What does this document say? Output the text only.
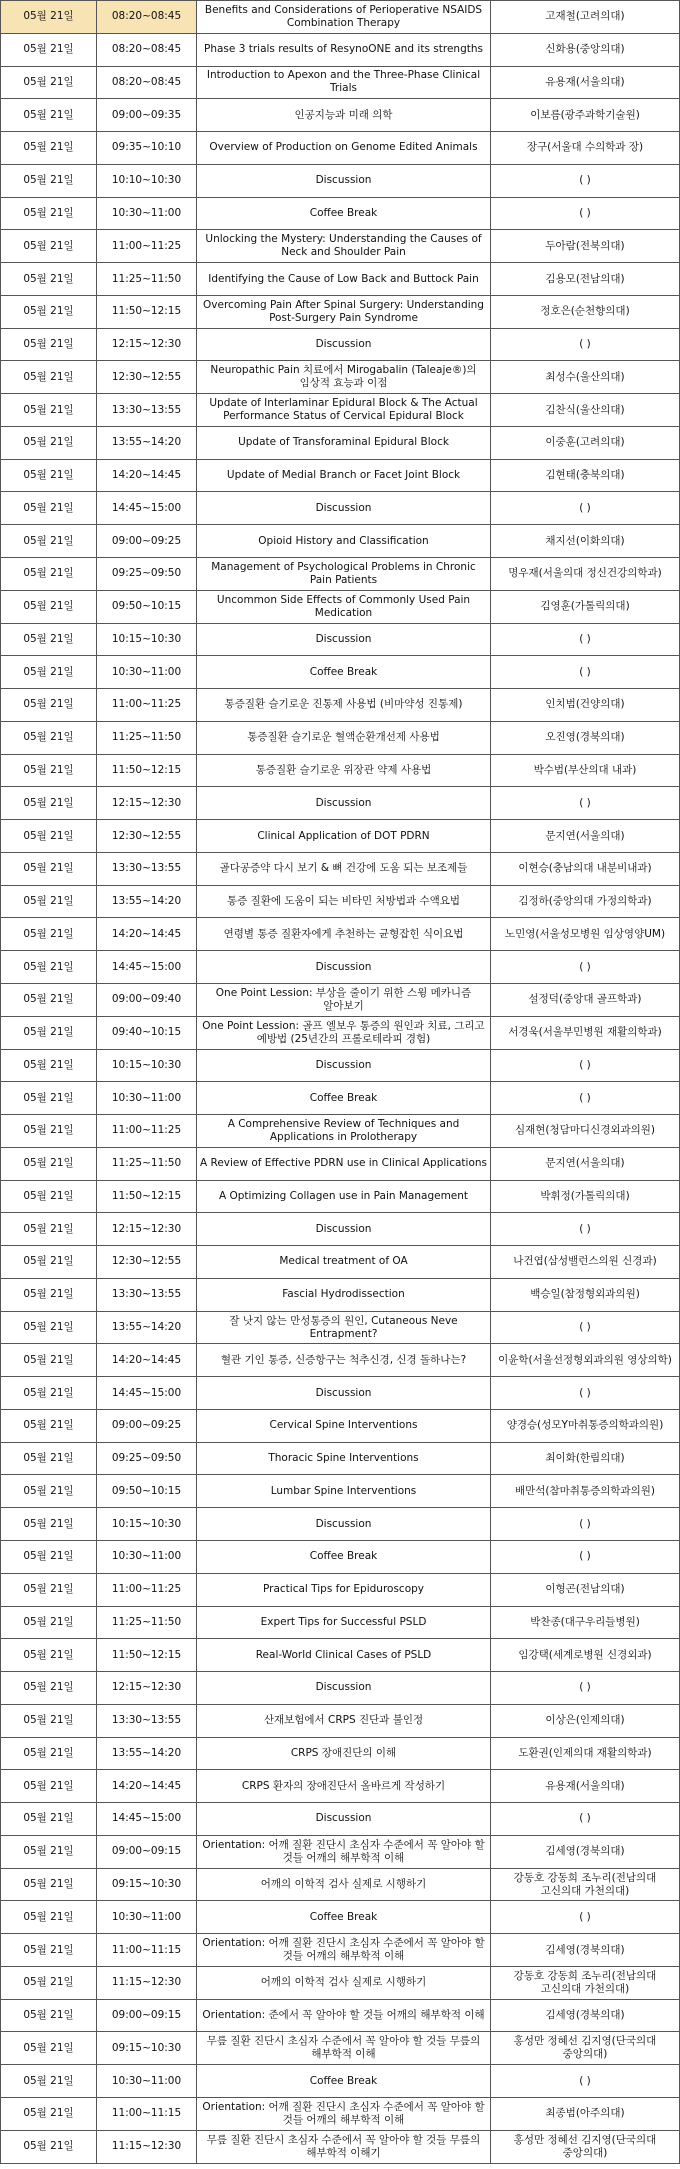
05월 21일	08:20~08:45	Benefits and Considerations of Perioperative NSAIDS Combination Therapy	고재철(고려의대)
05월 21일	08:20~08:45	Phase 3 trials results of ResynoONE and its strengths	신화용(중앙의대)
05월 21일	08:20~08:45	Introduction to Apexon and the Three-Phase Clinical Trials	유용재(서울의대)
05월 21일	09:00~09:35	인공지능과 미래 의학	이보름(광주과학기술원)
05월 21일	09:35~10:10	Overview of Production on Genome Edited Animals	장구(서울대 수의학과 장)
05월 21일	10:10~10:30	Discussion	( )
05월 21일	10:30~11:00	Coffee Break	( )
05월 21일	11:00~11:25	Unlocking the Mystery: Understanding the Causes of Neck and Shoulder Pain	두아람(전북의대)
05월 21일	11:25~11:50	Identifying the Cause of Low Back and Buttock Pain	김용모(전남의대)
05월 21일	11:50~12:15	Overcoming Pain After Spinal Surgery: Understanding Post-Surgery Pain Syndrome	정호은(순천향의대)
05월 21일	12:15~12:30	Discussion	( )
05월 21일	12:30~12:55	Neuropathic Pain 치료에서 Mirogabalin (Taleaje®)의 임상적 효능과 이점	최성수(울산의대)
05월 21일	13:30~13:55	Update of Interlaminar Epidural Block & The Actual Performance Status of Cervical Epidural Block	김찬식(울산의대)
05월 21일	13:55~14:20	Update of Transforaminal Epidural Block	이중훈(고려의대)
05월 21일	14:20~14:45	Update of Medial Branch or Facet Joint Block	김현태(충북의대)
05월 21일	14:45~15:00	Discussion	( )
05월 21일	09:00~09:25	Opioid History and Classification	채지선(이화의대)
05월 21일	09:25~09:50	Management of Psychological Problems in Chronic Pain Patients	명우재(서울의대 정신건강의학과)
05월 21일	09:50~10:15	Uncommon Side Effects of Commonly Used Pain Medication	김영훈(가톨릭의대)
05월 21일	10:15~10:30	Discussion	( )
05월 21일	10:30~11:00	Coffee Break	( )
05월 21일	11:00~11:25	통증질환 슬기로운 진통제 사용법 (비마약성 진통제)	인치범(건양의대)
05월 21일	11:25~11:50	통증질환 슬기로운 혈액순환개선제 사용법	오진영(경북의대)
05월 21일	11:50~12:15	통증질환 슬기로운 위장관 약제 사용법	박수범(부산의대 내과)
05월 21일	12:15~12:30	Discussion	( )
05월 21일	12:30~12:55	Clinical Application of DOT PDRN	문지연(서울의대)
05월 21일	13:30~13:55	골다공증약 다시 보기 & 뼈 건강에 도움 되는 보조제들	이현승(충남의대 내분비내과)
05월 21일	13:55~14:20	통증 질환에 도움이 되는 비타민 처방법과 수액요법	김정하(중앙의대 가정의학과)
05월 21일	14:20~14:45	연령별 통증 질환자에게 추천하는 균형잡힌 식이요법	노민영(서울성모병원 임상영양UM)
05월 21일	14:45~15:00	Discussion	( )
05월 21일	09:00~09:40	One Point Lession: 부상을 줄이기 위한 스윙 메카니즘 알아보기	설정덕(중앙대 골프학과)
05월 21일	09:40~10:15	One Point Lession: 골프 엘보우 통증의 원인과 치료, 그리고 예방법 (25년간의 프롤로테라피 경험)	서경욱(서울부민병원 재활의학과)
05월 21일	10:15~10:30	Discussion	( )
05월 21일	10:30~11:00	Coffee Break	( )
05월 21일	11:00~11:25	A Comprehensive Review of Techniques and Applications in Prolotherapy	심재현(청담마디신경외과의원)
05월 21일	11:25~11:50	A Review of Effective PDRN use in Clinical Applications	문지연(서울의대)
05월 21일	11:50~12:15	A Optimizing Collagen use in Pain Management	박휘정(가톨릭의대)
05월 21일	12:15~12:30	Discussion	( )
05월 21일	12:30~12:55	Medical treatment of OA	나건엽(삼성밸런스의원 신경과)
05월 21일	13:30~13:55	Fascial Hydrodissection	백승일(참정형외과의원)
05월 21일	13:55~14:20	잘 낫지 않는 만성통증의 원인, Cutaneous Neve Entrapment?	( )
05월 21일	14:20~14:45	혈관 기인 통증, 신증항구는 척추신경, 신경 돌하나는?	이윤학(서울선정형외과의원 영상의학)
05월 21일	14:45~15:00	Discussion	( )
05월 21일	09:00~09:25	Cervical Spine Interventions	양경승(성모Y마취통증의학과의원)
05월 21일	09:25~09:50	Thoracic Spine Interventions	최이화(한림의대)
05월 21일	09:50~10:15	Lumbar Spine Interventions	배만석(참마취통증의학과의원)
05월 21일	10:15~10:30	Discussion	( )
05월 21일	10:30~11:00	Coffee Break	( )
05월 21일	11:00~11:25	Practical Tips for Epiduroscopy	이형곤(전남의대)
05월 21일	11:25~11:50	Expert Tips for Successful PSLD	박찬종(대구우리들병원)
05월 21일	11:50~12:15	Real-World Clinical Cases of PSLD	임강택(세계로병원 신경외과)
05월 21일	12:15~12:30	Discussion	( )
05월 21일	13:30~13:55	산재보험에서 CRPS 진단과 불인정	이상은(인제의대)
05월 21일	13:55~14:20	CRPS 장애진단의 이해	도환권(인제의대 재활의학과)
05월 21일	14:20~14:45	CRPS 환자의 장애진단서 올바르게 작성하기	유용재(서울의대)
05월 21일	14:45~15:00	Discussion	( )
05월 21일	09:00~09:15	Orientation: 어깨 질환 진단시 초심자 수준에서 꼭 알아야 할 것들 어깨의 해부학적 이해	김세영(경북의대)
05월 21일	09:15~10:30	어깨의 이학적 검사 실제로 시행하기	강동호 강동희 조누리(전남의대 고신의대 가천의대)
05월 21일	10:30~11:00	Coffee Break	( )
05월 21일	11:00~11:15	Orientation: 어깨 질환 진단시 초심자 수준에서 꼭 알아야 할 것들 어깨의 해부학적 이해	김세영(경북의대)
05월 21일	11:15~12:30	어깨의 이학적 검사 실제로 시행하기	강동호 강동희 조누리(전남의대 고신의대 가천의대)
05월 21일	09:00~09:15	Orientation: 준에서 꼭 알아야 할 것들 어깨의 해부학적 이해	김세영(경북의대)
05월 21일	09:15~10:30	무릎 질환 진단시 초심자 수준에서 꼭 알아야 할 것들 무릎의 해부학적 이해	홍성만 정혜선 김지영(단국의대 중앙의대)
05월 21일	10:30~11:00	Coffee Break	( )
05월 21일	11:00~11:15	Orientation: 어깨 질환 진단시 초심자 수준에서 꼭 알아야 할 것들 어깨의 해부학적 이해	최종범(아주의대)
05월 21일	11:15~12:30	무릎 질환 진단시 초심자 수준에서 꼭 알아야 할 것들 무릎의 해부학적 이해기	홍성만 정혜선 김지영(단국의대 중앙의대)
